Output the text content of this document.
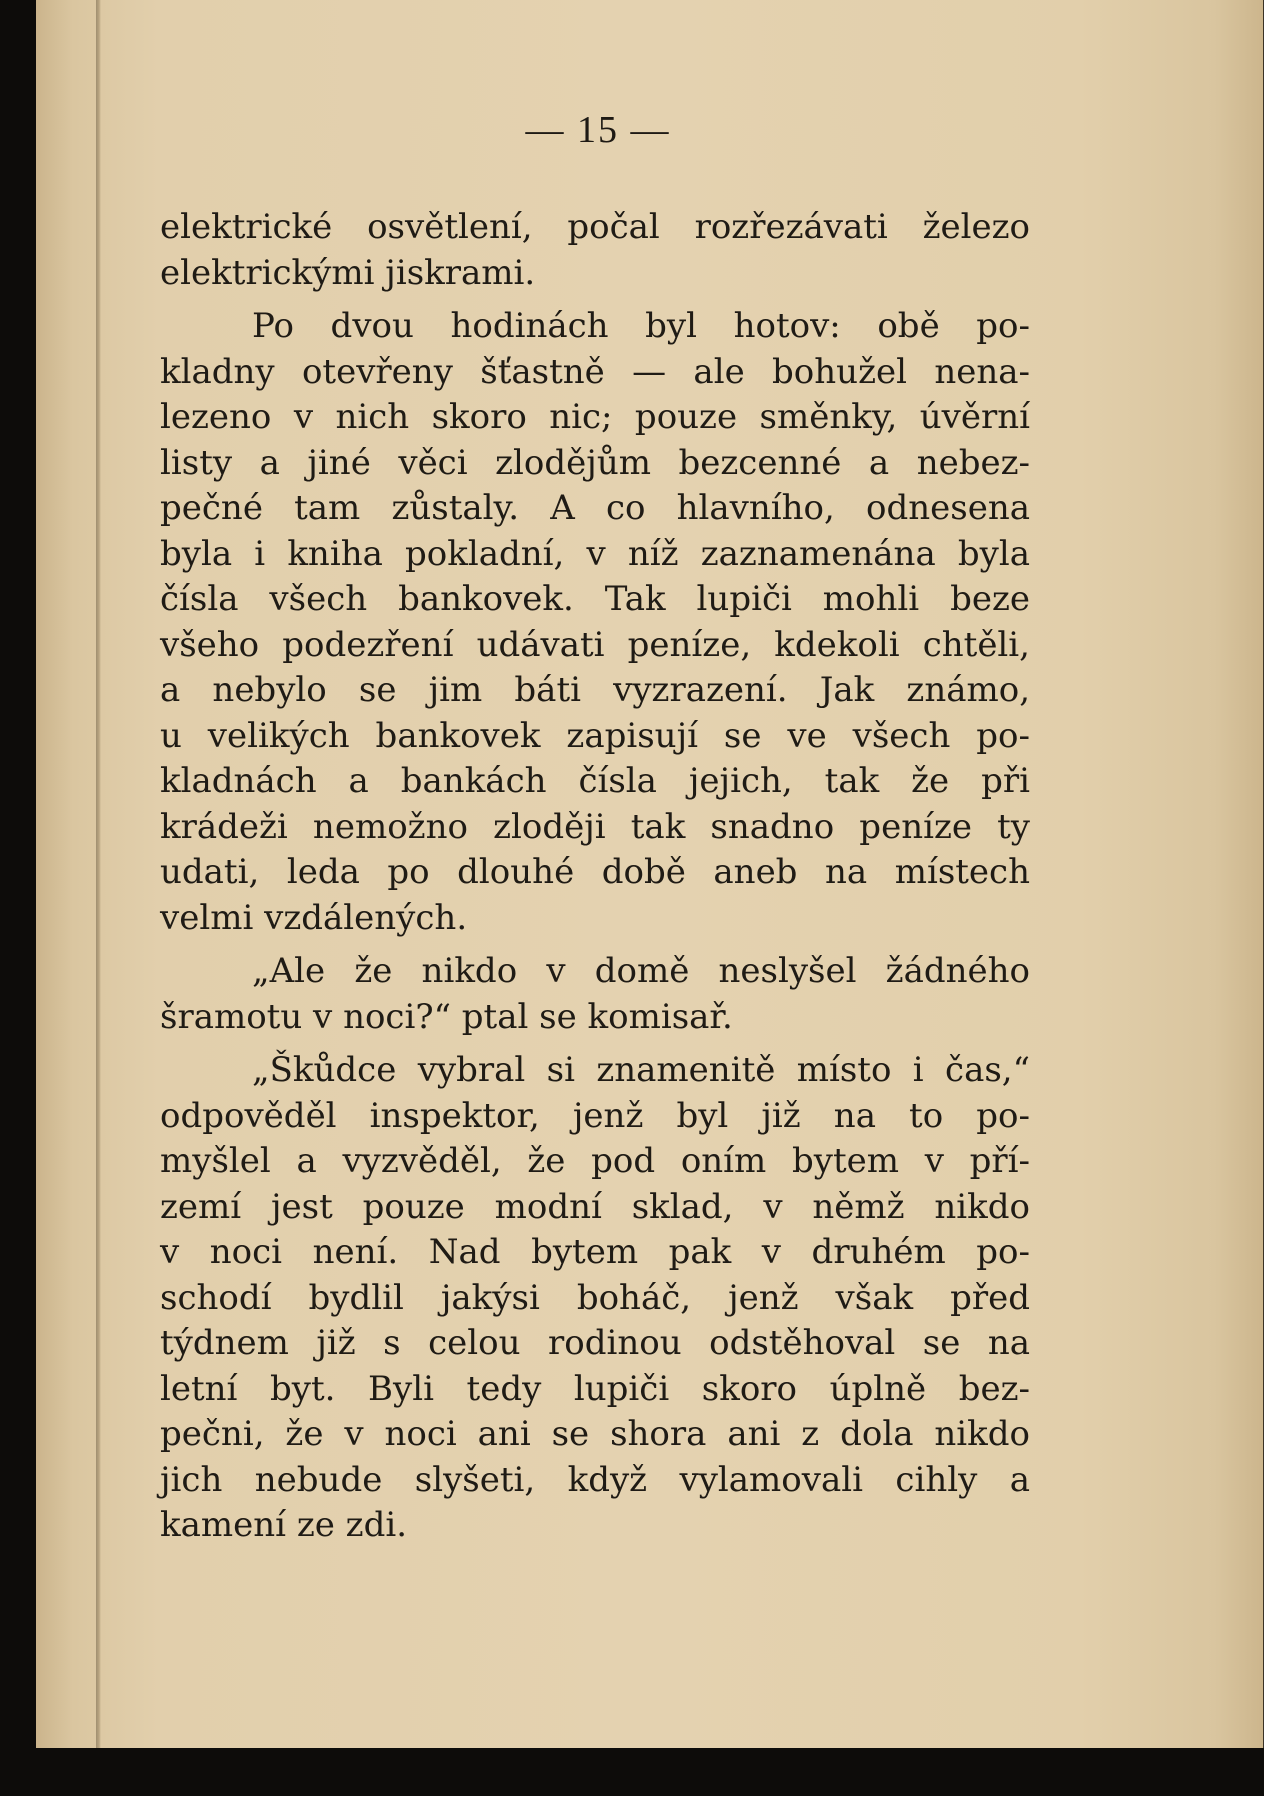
— 15 —

elektrické osvětlení, počal rozřezávati železo
elektrickými jiskrami.

Po dvou hodinách byl hotov: obě po-
kladny otevřeny šťastně — ale bohužel nena-
lezeno v nich skoro nic; pouze směnky, úvěrní
listy a jiné věci zlodějům bezcenné a nebez-
pečné tam zůstaly. A co hlavního, odnesena
byla i kniha pokladní, v níž zaznamenána byla
čísla všech bankovek. Tak lupiči mohli beze
všeho podezření udávati peníze, kdekoli chtěli,
a nebylo se jim báti vyzrazení. Jak známo,
u velikých bankovek zapisují se ve všech po-
kladnách a bankách čísla jejich, tak že při
krádeži nemožno zloději tak snadno peníze ty
udati, leda po dlouhé době aneb na místech
velmi vzdálených.

„Ale že nikdo v domě neslyšel žádného
šramotu v noci?“ ptal se komisař.

„Škůdce vybral si znamenitě místo i čas,“
odpověděl inspektor, jenž byl již na to po-
myšlel a vyzvěděl, že pod oním bytem v pří-
zemí jest pouze modní sklad, v němž nikdo
v noci není. Nad bytem pak v druhém po-
schodí bydlil jakýsi boháč, jenž však před
týdnem již s celou rodinou odstěhoval se na
letní byt. Byli tedy lupiči skoro úplně bez-
pečni, že v noci ani se shora ani z dola nikdo
jich nebude slyšeti, když vylamovali cihly a
kamení ze zdi.
